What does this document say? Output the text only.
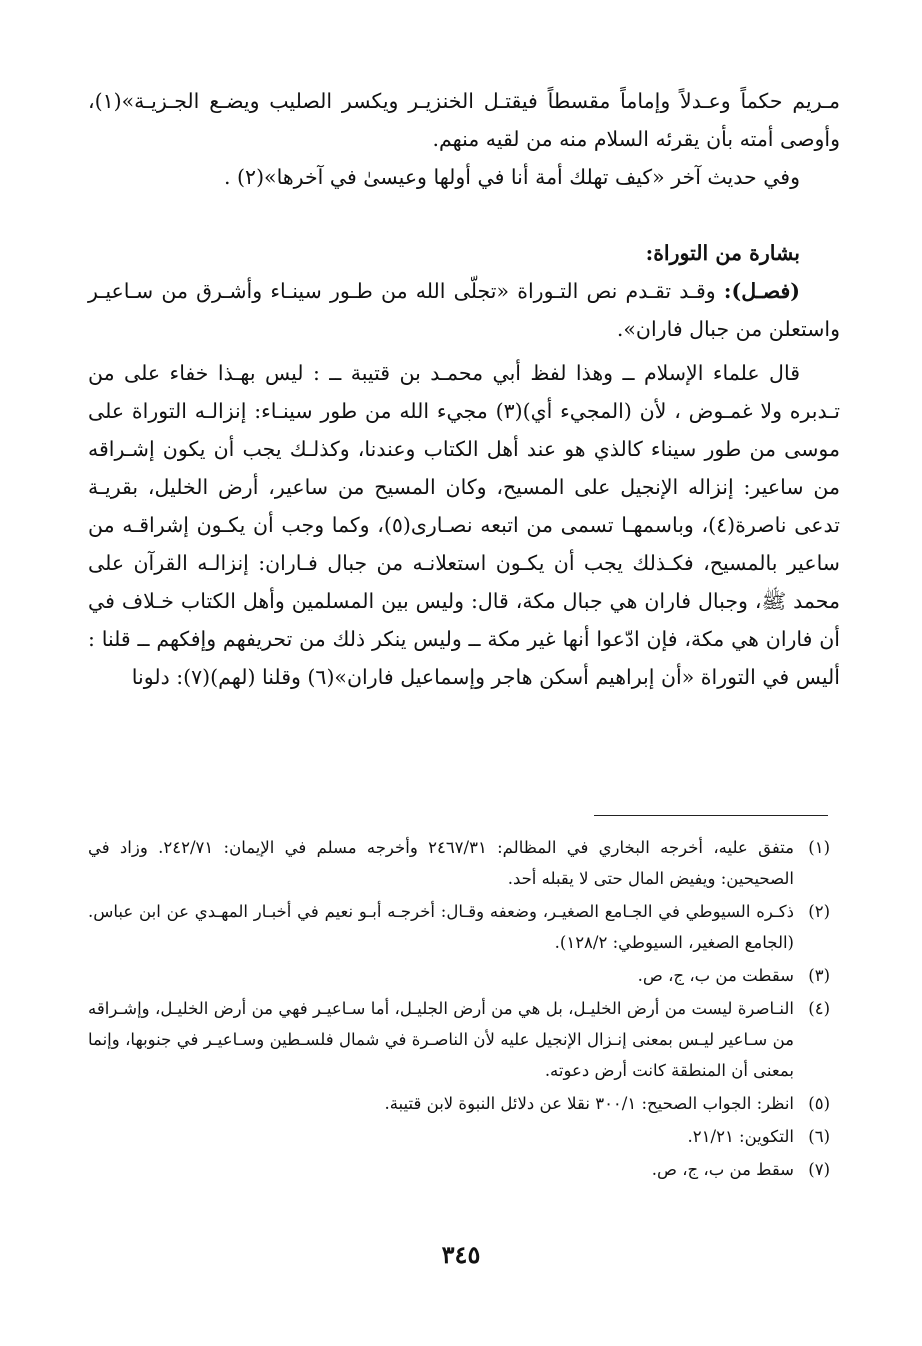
مـريم حكماً وعـدلاً وإماماً مقسطاً فيقتـل الخنزيـر ويكسر الصليب ويضـع الجـزيـة»(١)، وأوصى أمته بأن يقرئه السلام منه من لقيه منهم.

وفي حديث آخر «كيف تهلك أمة أنا في أولها وعيسىٰ في آخرها»(٢) .

بشارة من التوراة:

(فصـل): وقـد تقـدم نص التـوراة «تجلّى الله من طـور سينـاء وأشـرق من سـاعيـر واستعلن من جبال فاران».

قال علماء الإسلام ــ وهذا لفظ أبي محمـد بن قتيبة ــ : ليس بهـذا خفاء على من تـدبره ولا غمـوض ، لأن (المجيء أي)(٣) مجيء الله من طور سينـاء: إنزالـه التوراة على موسى من طور سيناء كالذي هو عند أهل الكتاب وعندنا، وكذلـك يجب أن يكون إشـراقه من ساعير: إنزاله الإنجيل على المسيح، وكان المسيح من ساعير، أرض الخليل، بقريـة تدعى ناصرة(٤)، وباسمهـا تسمى من اتبعه نصـارى(٥)، وكما وجب أن يكـون إشراقـه من ساعير بالمسيح، فكـذلك يجب أن يكـون استعلانـه من جبال فـاران: إنزالـه القرآن على محمد ﷺ، وجبال فاران هي جبال مكة، قال: وليس بين المسلمين وأهل الكتاب خـلاف في أن فاران هي مكة، فإن ادّعوا أنها غير مكة ــ وليس ينكر ذلك من تحريفهم وإفكهم ــ قلنا : أليس في التوراة «أن إبراهيم أسكن هاجر وإسماعيل فاران»(٦) وقلنا (لهم)(٧): دلونا

(١)
متفق عليه، أخرجه البخاري في المظالم: ٢٤٦٧/٣١ وأخرجه مسلم في الإيمان: ٢٤٢/٧١. وزاد في الصحيحين: ويفيض المال حتى لا يقبله أحد.
(٢)
ذكـره السيوطي في الجـامع الصغيـر، وضعفه وقـال: أخرجـه أبـو نعيم في أخبـار المهـدي عن ابن عباس. (الجامع الصغير، السيوطي: ١٢٨/٢).
(٣)
سقطت من ب، ج، ص.
(٤)
النـاصرة ليست من أرض الخليـل، بل هي من أرض الجليـل، أما سـاعيـر فهي من أرض الخليـل، وإشـراقه من سـاعير ليـس بمعنى إنـزال الإنجيل عليه لأن الناصـرة في شمال فلسـطين وسـاعيـر في جنوبها، وإنما بمعنى أن المنطقة كانت أرض دعوته.
(٥)
انظر: الجواب الصحيح: ٣٠٠/١ نقلا عن دلائل النبوة لابن قتيبة.
(٦)
التكوين: ٢١/٢١.
(٧)
سقط من ب، ج، ص.
٣٤٥
